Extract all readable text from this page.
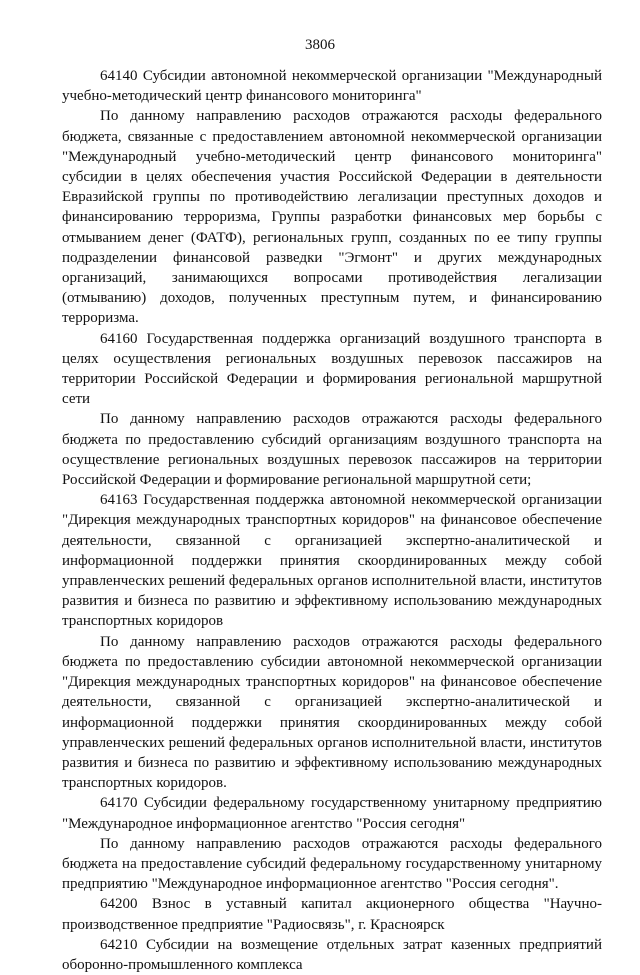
3806

64140 Субсидии автономной некоммерческой организации "Международный учебно-методический центр финансового мониторинга"

По данному направлению расходов отражаются расходы федерального бюджета, связанные с предоставлением автономной некоммерческой организации "Международный учебно-методический центр финансового мониторинга" субсидии в целях обеспечения участия Российской Федерации в деятельности Евразийской группы по противодействию легализации преступных доходов и финансированию терроризма, Группы разработки финансовых мер борьбы с отмыванием денег (ФАТФ), региональных групп, созданных по ее типу группы подразделении финансовой разведки "Эгмонт" и других международных организаций, занимающихся вопросами противодействия легализации (отмыванию) доходов, полученных преступным путем, и финансированию терроризма.

64160 Государственная поддержка организаций воздушного транспорта в целях осуществления региональных воздушных перевозок пассажиров на территории Российской Федерации и формирования региональной маршрутной сети

По данному направлению расходов отражаются расходы федерального бюджета по предоставлению субсидий организациям воздушного транспорта на осуществление региональных воздушных перевозок пассажиров на территории Российской Федерации и формирование региональной маршрутной сети;

64163 Государственная поддержка автономной некоммерческой организации "Дирекция международных транспортных коридоров" на финансовое обеспечение деятельности, связанной с организацией экспертно-аналитической и информационной поддержки принятия скоординированных между собой управленческих решений федеральных органов исполнительной власти, институтов развития и бизнеса по развитию и эффективному использованию международных транспортных коридоров

По данному направлению расходов отражаются расходы федерального бюджета по предоставлению субсидии автономной некоммерческой организации "Дирекция международных транспортных коридоров" на финансовое обеспечение деятельности, связанной с организацией экспертно-аналитической и информационной поддержки принятия скоординированных между собой управленческих решений федеральных органов исполнительной власти, институтов развития и бизнеса по развитию и эффективному использованию международных транспортных коридоров.

64170 Субсидии федеральному государственному унитарному предприятию "Международное информационное агентство "Россия сегодня"

По данному направлению расходов отражаются расходы федерального бюджета на предоставление субсидий федеральному государственному унитарному предприятию "Международное информационное агентство "Россия сегодня".

64200 Взнос в уставный капитал акционерного общества "Научно-производственное предприятие "Радиосвязь", г. Красноярск

64210 Субсидии на возмещение отдельных затрат казенных предприятий оборонно-промышленного комплекса
